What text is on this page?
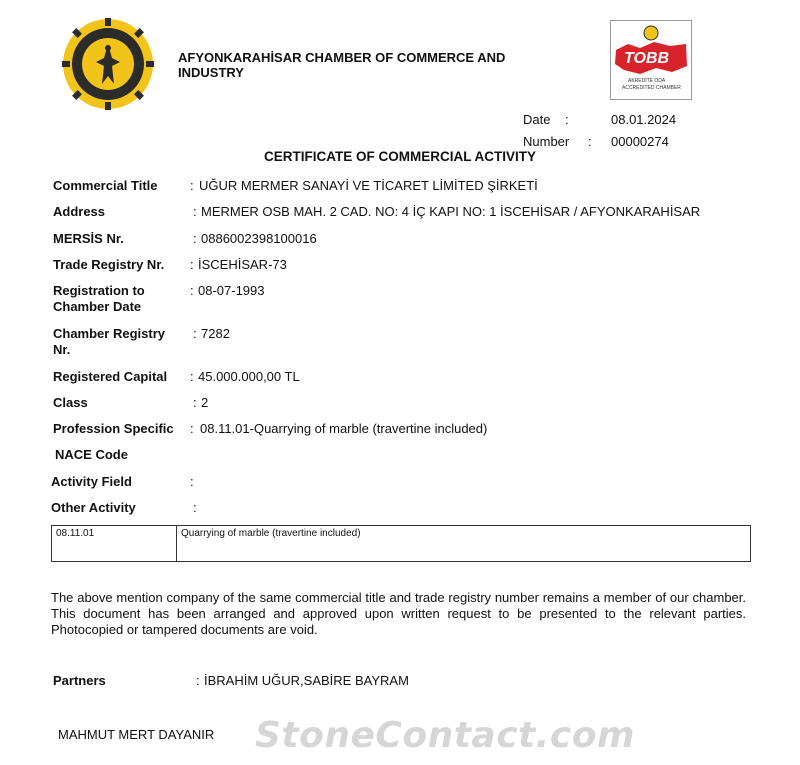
AFYONKARAHİSAR CHAMBER OF COMMERCE AND INDUSTRY
TOBB
AKREDİTE ODA
ACCREDITED CHAMBER
Date :	08.01.2024
Number : 00000274
CERTIFICATE OF COMMERCIAL ACTIVITY
Commercial Title : UĞUR MERMER SANAYİ VE TİCARET LİMİTED ŞİRKETİ
Address	: MERMER OSB MAH. 2 CAD. NO: 4 İÇ KAPI NO: 1 İSCEHİSAR / AFYONKARAHİSAR
MERSİS Nr.	: 0886002398100016
Trade Registry Nr. : İSCEHİSAR-73
Registration to
Chamber Date
: 08-07-1993
Chamber Registry
Nr.
: 7282
Registered Capital : 45.000.000,00 TL
Class	: 2
Profession Specific : 08.11.01-Quarrying of marble (travertine included)
NACE Code
Activity Field	:
Other Activity	:
08.11.01	Quarrying of marble (travertine included)
The above mention company of the same commercial title and trade registry number remains a member of our chamber. This document has been arranged and approved upon written request to be presented to the relevant parties. Photocopied or tampered documents are void.
Partners	: İBRAHİM UĞUR,SABİRE BAYRAM
MAHMUT MERT DAYANIR StoneContact.com
